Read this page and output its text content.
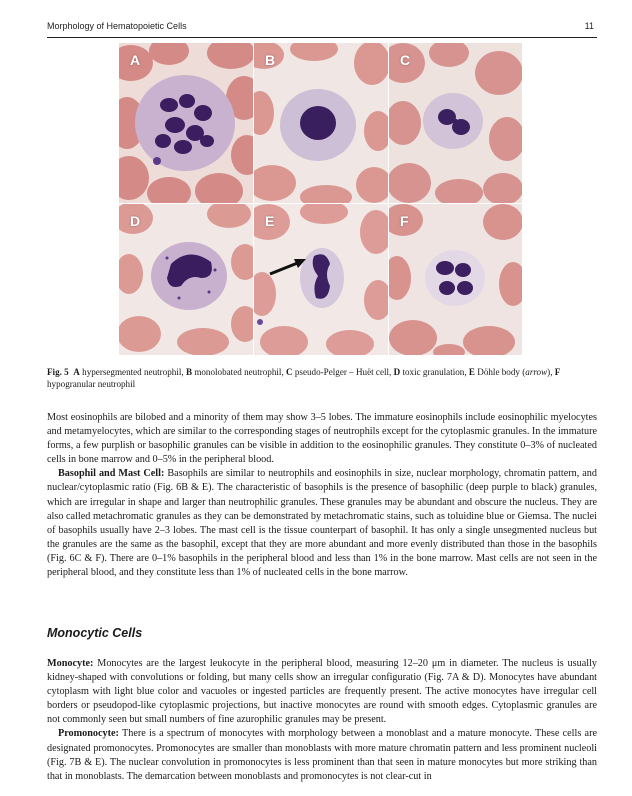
Morphology of Hematopoietic Cells	11
A	B	C
D	E	F
Fig. 5 A hypersegmented neutrophil, B monolobated neutrophil, C pseudo-Pelger – Huët cell, D toxic granulation, E Döhle body (arrow), F hypogranular neutrophil

Most eosinophils are bilobed and a minority of them may show 3–5 lobes. The immature eosinophils include eosinophilic myelocytes and metamyelocytes, which are similar to the corresponding stages of neutrophils except for the cytoplasmic granules. In the immature forms, a few purplish or basophilic granules can be visible in addition to the eosinophilic granules. They constitute 0–3% of nucleated cells in bone marrow and 0–5% in the peripheral blood.

Basophil and Mast Cell: Basophils are similar to neutrophils and eosinophils in size, nuclear morphology, chromatin pattern, and nuclear/cytoplasmic ratio (Fig. 6B & E). The characteristic of basophils is the presence of basophilic (deep purple to black) granules, which are irregular in shape and larger than neutrophilic granules. These granules may be abundant and obscure the nucleus. They are also called metachromatic granules as they can be demonstrated by metachromatic stains, such as toluidine blue or Giemsa. The nuclei of basophils usually have 2–3 lobes. The mast cell is the tissue counterpart of basophil. It has only a single unsegmented nucleus but the granules are the same as the basophil, except that they are more abundant and more evenly distributed than those in the basophils (Fig. 6C & F). There are 0–1% basophils in the peripheral blood and less than 1% in the bone marrow. Mast cells are not seen in the peripheral blood, and they constitute less than 1% of nucleated cells in the bone marrow.

Monocytic Cells

Monocyte: Monocytes are the largest leukocyte in the peripheral blood, measuring 12–20 μm in diameter. The nucleus is usually kidney-shaped with convolutions or folding, but many cells show an irregular configuratio (Fig. 7A & D). Monocytes have abundant cytoplasm with light blue color and vacuoles or ingested particles are frequently present. The active monocytes have irregular cell borders or pseudopod-like cytoplasmic projections, but inactive monocytes are round with smooth edges. Cytoplasmic granules are not commonly seen but small numbers of fine azurophilic granules may be present.

Promonocyte: There is a spectrum of monocytes with morphology between a monoblast and a mature monocyte. These cells are designated promonocytes. Promonocytes are smaller than monoblasts with more mature chromatin pattern and less prominent nucleoli (Fig. 7B & E). The nuclear convolution in promonocytes is less prominent than that seen in mature monocytes but more striking than that in monoblasts. The demarcation between monoblasts and promonocytes is not clear-cut in
